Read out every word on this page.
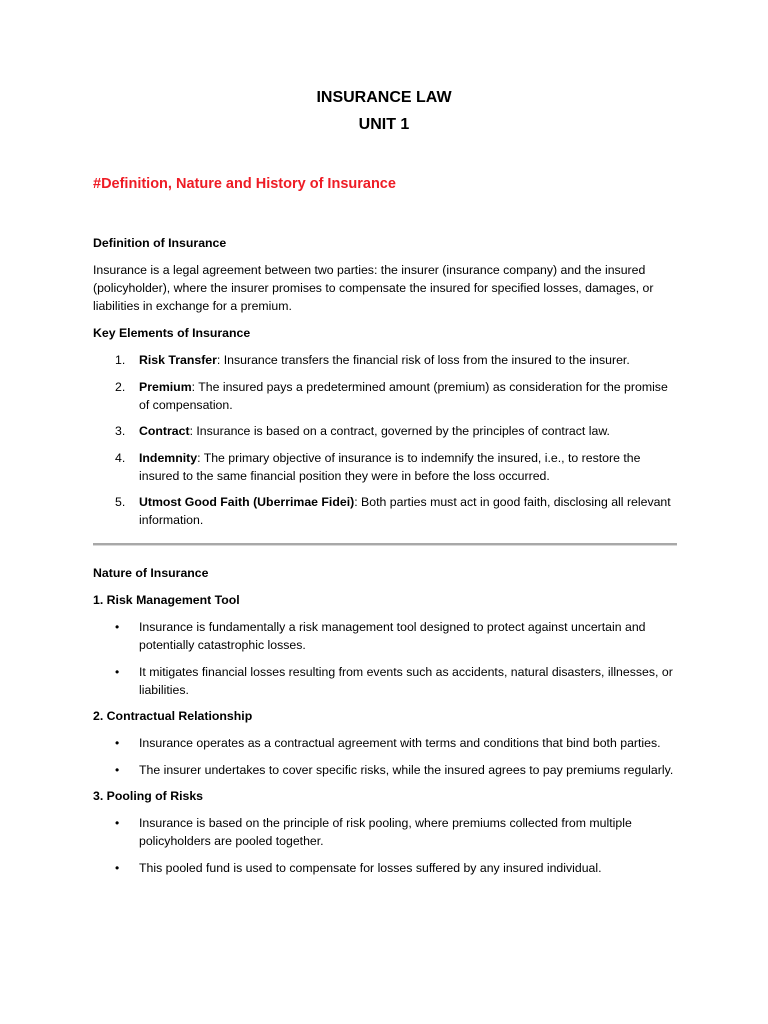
INSURANCE LAW
UNIT 1
#Definition, Nature and History of Insurance

Definition of Insurance

Insurance is a legal agreement between two parties: the insurer (insurance company) and the insured (policyholder), where the insurer promises to compensate the insured for specified losses, damages, or liabilities in exchange for a premium.

Key Elements of Insurance

1. Risk Transfer: Insurance transfers the financial risk of loss from the insured to the insurer.
2. Premium: The insured pays a predetermined amount (premium) as consideration for the promise of compensation.
3. Contract: Insurance is based on a contract, governed by the principles of contract law.
4. Indemnity: The primary objective of insurance is to indemnify the insured, i.e., to restore the insured to the same financial position they were in before the loss occurred.
5. Utmost Good Faith (Uberrimae Fidei): Both parties must act in good faith, disclosing all relevant information.

Nature of Insurance

1. Risk Management Tool

• Insurance is fundamentally a risk management tool designed to protect against uncertain and potentially catastrophic losses.
• It mitigates financial losses resulting from events such as accidents, natural disasters, illnesses, or liabilities.

2. Contractual Relationship

• Insurance operates as a contractual agreement with terms and conditions that bind both parties.
• The insurer undertakes to cover specific risks, while the insured agrees to pay premiums regularly.

3. Pooling of Risks

• Insurance is based on the principle of risk pooling, where premiums collected from multiple policyholders are pooled together.
• This pooled fund is used to compensate for losses suffered by any insured individual.
